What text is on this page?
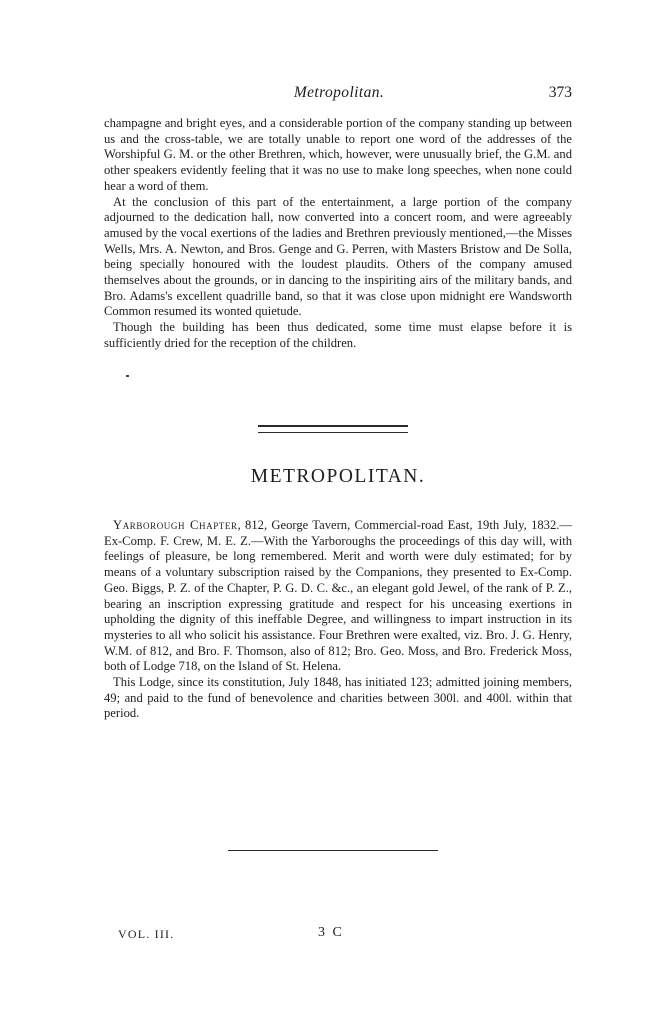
Metropolitan.	373

champagne and bright eyes, and a considerable portion of the company standing up between us and the cross-table, we are totally unable to report one word of the addresses of the Worshipful G. M. or the other Brethren, which, however, were unusually brief, the G.M. and other speakers evidently feeling that it was no use to make long speeches, when none could hear a word of them.

At the conclusion of this part of the entertainment, a large portion of the company adjourned to the dedication hall, now converted into a concert room, and were agreeably amused by the vocal exertions of the ladies and Brethren previously mentioned,—the Misses Wells, Mrs. A. Newton, and Bros. Genge and G. Perren, with Masters Bristow and De Solla, being specially honoured with the loudest plaudits. Others of the company amused themselves about the grounds, or in dancing to the inspiriting airs of the military bands, and Bro. Adams's excellent quadrille band, so that it was close upon midnight ere Wandsworth Common resumed its wonted quietude.

Though the building has been thus dedicated, some time must elapse before it is sufficiently dried for the reception of the children.

METROPOLITAN.

Yarborough Chapter, 812, George Tavern, Commercial-road East, 19th July, 1832.— Ex-Comp. F. Crew, M. E. Z.—With the Yarboroughs the proceedings of this day will, with feelings of pleasure, be long remembered. Merit and worth were duly estimated; for by means of a voluntary subscription raised by the Companions, they presented to Ex-Comp. Geo. Biggs, P. Z. of the Chapter, P. G. D. C. &c., an elegant gold Jewel, of the rank of P. Z., bearing an inscription expressing gratitude and respect for his unceasing exertions in upholding the dignity of this ineffable Degree, and willingness to impart instruction in its mysteries to all who solicit his assistance. Four Brethren were exalted, viz. Bro. J. G. Henry, W.M. of 812, and Bro. F. Thomson, also of 812; Bro. Geo. Moss, and Bro. Frederick Moss, both of Lodge 718, on the Island of St. Helena.

This Lodge, since its constitution, July 1848, has initiated 123; admitted joining members, 49; and paid to the fund of benevolence and charities between 300l. and 400l. within that period.

VOL. III.	3 C
